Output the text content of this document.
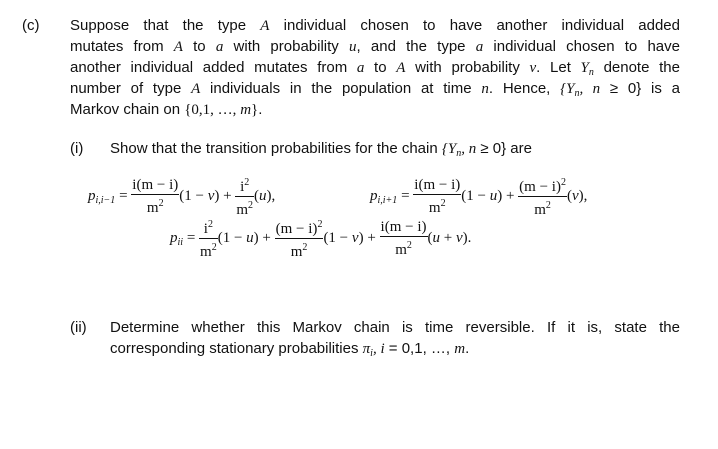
(c) Suppose that the type A individual chosen to have another individual added
mutates from A to a with probability u, and the type a individual chosen to have
another individual added mutates from a to A with probability v. Let $Y_n$ denote the
number of type A individuals in the population at time n. Hence, {$Y_n$, n ≥ 0} is a
Markov chain on {0,1, …, m}.
(i) Show that the transition probabilities for the chain {$Y_n$, n ≥ 0} are
$p_{i,i-1} = \frac{i(m - i)}{m^2} (1 - v) + \frac{i^2}{m^2} (u)$,	$p_{i,i+1} = \frac{i(m - i)}{m^2} (1 - u) + \frac{(m - i)^2}{m^2} (v)$,
$p_{ii} = \frac{i^2}{m^2} (1 - u) + \frac{(m - i)^2}{m^2} (1 - v) + \frac{i(m - i)}{m^2} (u + v)$.
(ii) Determine whether this Markov chain is time reversible. If it is, state the
corresponding stationary probabilities $\pi_i$, i = 0,1, …, m.
